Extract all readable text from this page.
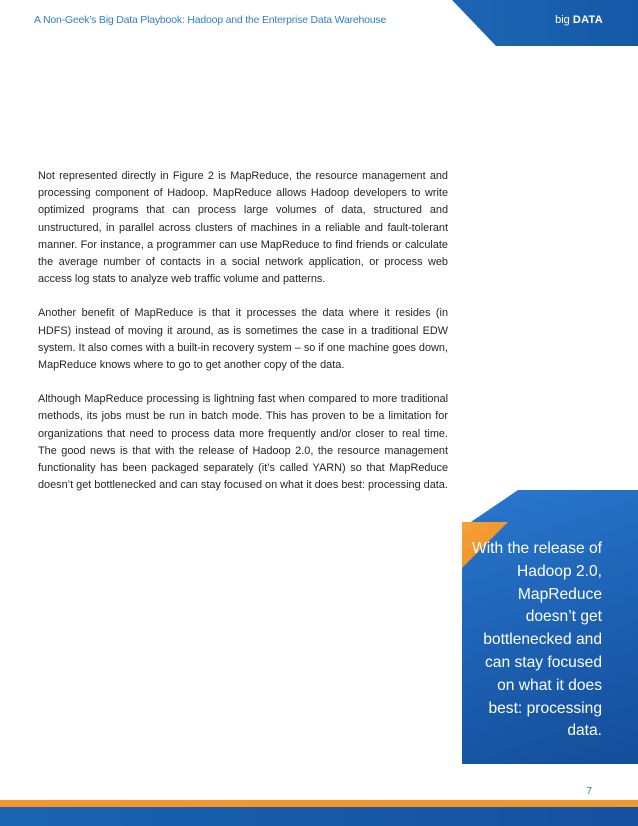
A Non-Geek’s Big Data Playbook: Hadoop and the Enterprise Data Warehouse	big DATA

Not represented directly in Figure 2 is MapReduce, the resource management and processing component of Hadoop. MapReduce allows Hadoop developers to write optimized programs that can process large volumes of data, structured and unstructured, in parallel across clusters of machines in a reliable and fault-tolerant manner. For instance, a programmer can use MapReduce to find friends or calculate the average number of contacts in a social network application, or process web access log stats to analyze web traffic volume and patterns.

Another benefit of MapReduce is that it processes the data where it resides (in HDFS) instead of moving it around, as is sometimes the case in a traditional EDW system. It also comes with a built-in recovery system – so if one machine goes down, MapReduce knows where to go to get another copy of the data.

Although MapReduce processing is lightning fast when compared to more traditional methods, its jobs must be run in batch mode. This has proven to be a limitation for organizations that need to process data more frequently and/or closer to real time. The good news is that with the release of Hadoop 2.0, the resource management functionality has been packaged separately (it’s called YARN) so that MapReduce doesn’t get bottlenecked and can stay focused on what it does best: processing data.

With the release of Hadoop 2.0, MapReduce doesn’t get bottlenecked and can stay focused on what it does best: processing data.
7
